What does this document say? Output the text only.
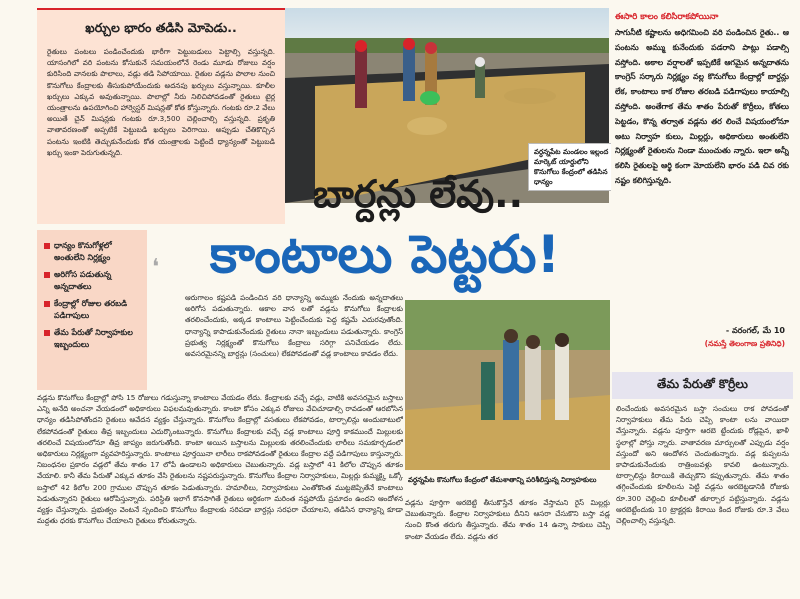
ఖర్చుల భారం తడిసి మోపెడు..
రైతులు పంటలు పండించేందుకు భారీగా పెట్టుబడులు పెట్టాల్సి వస్తున్నది. యాసంగిలో వరి పంటను కోసుకునే సమయంలోనే రెండు మూడు రోజులు వర్షం కురిసింది వానలకు పొలాలు, వడ్లు తడి సిపోయాయి. రైతుల వడ్లను పొలాల నుంచి కొనుగోలు కేంద్రాలకు తీసుకుపోయేందుకు అదనపు ఖర్చులు వస్తున్నాయి. కూలీల ఖర్చులు ఎక్కువ అవుతున్నాయి. పొలాల్లో నీరు నిలిచిపోవడంతో రైతులు టైర్ల యంత్రాలను ఉపయోగించి హార్వెస్టర్ మిషన్లతో కోత కోస్తున్నారు. గంటకు రూ.2 వేలు అయితే చైన్ మిషన్లకు గంటకు రూ.3,500 చెల్లించాల్సి వస్తున్నది. ప్రకృతి వాతావరణంతో అప్పటికే పెట్టుబడి ఖర్చులు పెరిగాయి. అప్పుడు చేతికొచ్చిన పంటను ఇంటికి తెచ్చుకునేందుకు కోత యంత్రాలకు పెట్టిందే ధ్యాన్యంతో పెట్టుబడి ఖర్చు ఇంకా పెరుగుతున్నది.	వర్ధన్నపేట మండలం ఇల్లంద మార్కెట్ యార్డులోని కొనుగోలు కేంద్రంలో తడిసిన ధాన్యం
ఈసారి కాలం కలిసిరాకపోయినా
సాగునీటి కష్టాలను అధిగమించి వరి పండించిన రైతు.. ఆ పంటను అమ్ము కునేందుకు పడరాని పాట్లు పడాల్సి వస్తోంది. అకాల వర్షాలతో ఇప్పటికే ఆగమైన అన్నదాతను కాంగ్రెస్ సర్కారు నిర్లక్ష్యం వల్ల కొనుగోలు కేంద్రాల్లో బార్దన్లు లేక, కాంటాలు కాక రోజుల తరబడి పడిగాపులు కాయాల్సి వస్తోంది. అంతేగాక తేమ శాతం పేరుతో కొర్రీలు, కోతలు పెట్టడం, కొన్న తర్వాత వడ్లను తర లించే విషయంలోనూ అటు నిర్వాహ కులు, మిల్లర్లు, అధికారులు అంతులేని నిర్లక్ష్యంతో రైతులను నిండా ముంచుతు న్నారు. ఇలా అన్నీ కలిసి రైతులపై ఆర్థి కంగా మోయలేని భారం పడి చివ రకు నష్టం కలిగిస్తున్నది.
- వరంగల్, మే 10
(నమస్తే తెలంగాణ ప్రతినిధి)
బార్దన్లు లేవు..
ధాన్యం కొనుగోళ్లలో అంతులేని నిర్లక్ష్యం
అరిగోస పడుతున్న అన్నదాతలు
కేంద్రాల్లో రోజుల తరబడి పడిగాపులు
తేమ పేరుతో నిర్వాహకుల ఇబ్బందులు
❛ కాంటాలు పెట్టరు!
ఆరుగాలం కష్టపడి పండించిన వరి ధాన్యాన్ని అమ్ముకు నేందుకు అన్నదాతలు అరిగోస పడుతున్నారు. ఆకాల వాన లతో వడ్లను కొనుగోలు కేంద్రాలకు తరలించేందుకు, అక్కడ కాంటాలు పెట్టించేందుకు పెద్ద కష్టమే ఎదురవుతోంది. ధాన్యాన్ని కాపాడుకునేందుకు రైతులు నానా ఇబ్బందులు పడుతున్నారు. కాంగ్రెస్ ప్రభుత్వ నిర్లక్ష్యంతో కొనుగోలు కేంద్రాలు సరిగ్గా పనిచేయడం లేదు. అవసరమైనన్ని బార్దన్లు (సంచులు) లేకపోవడంతో వడ్ల కాంటాలు కావడం లేదు.
వర్ధన్నపేట కొనుగోలు కేంద్రంలో తేమశాతాన్ని పరిశీలిస్తున్న నిర్వాహకులు
వడ్లను కొనుగోలు కేంద్రాల్లో పోసి 15 రోజులు గడుస్తున్నా కాంటాలు వేయడం లేదు. కేంద్రాలకు వచ్చే వడ్లు, వాటికి అవసరమైన బస్తాలు ఎన్ని అనేది అంచనా వేయడంలో అధికారులు విఫలమవుతున్నారు. కాంటా కోసం ఎక్కువ రోజులు వేచిచూడాల్సి రావడంతో ఆరబోసిన ధాన్యం తడిసిపోతోందని రైతులు ఆవేదన వ్యక్తం చేస్తున్నారు. కొనుగోలు కేంద్రాల్లో వసతులు లేకపోవడం, టార్పాలిన్లు అందుబాటులో లేకపోవడంతో రైతులు తీవ్ర ఇబ్బందులు ఎదుర్కొంటున్నారు. కొనుగోలు కేంద్రాలకు వచ్చే వడ్ల కాంటాలు పూర్తి కాకముందే మిల్లులకు తరలించే విషయంలోనూ తీవ్ర జాప్యం జరుగుతోంది. కాంటా అయిన బస్తాలను మిల్లులకు తరలించేందుకు లారీలు సమకూర్చడంలో అధికారులు నిర్లక్ష్యంగా వ్యవహరిస్తున్నారు. కాంటాలు పూర్తయినా లారీలు రాకపోవడంతో రైతులు కేంద్రాల వద్దే పడిగాపులు కాస్తున్నారు. నిబంధనల ప్రకారం వడ్లలో తేమ శాతం 17 లోపే ఉండాలని అధికారులు చెబుతున్నారు. వడ్ల బస్తాలో 41 కిలోల చొప్పున తూకం వేయాలి. కానీ తేమ పేరుతో ఎక్కువ తూకం వేసి రైతులను నష్టపరుస్తున్నారు. కొనుగోలు కేంద్రాల నిర్వాహకులు, మిల్లర్లు కుమ్మక్కై ఒక్కో బస్తాలో 42 కిలోల 200 గ్రాముల చొప్పున తూకం పెడుతున్నారు. హమాలీలు, నిర్వాహకులు ఎంతోకొంత ముట్టజెప్పితేనే కాంటాలు పెడుతున్నారని రైతులు ఆరోపిస్తున్నారు. పరిస్థితి ఇలాగే కొనసాగితే రైతులు ఆర్థికంగా మరింత నష్టపోయే ప్రమాదం ఉందని ఆందోళన వ్యక్తం చేస్తున్నారు. ప్రభుత్వం వెంటనే స్పందించి కొనుగోలు కేంద్రాలకు సరిపడా బార్దన్లు సరఫరా చేయాలని, తడిసిన ధాన్యాన్ని కూడా మద్దతు ధరకు కొనుగోలు చేయాలని రైతులు కోరుతున్నారు.
వడ్లను పూర్తిగా ఆరబెట్టి తీసుకొస్తేనే తూకం వేస్తామని రైస్ మిల్లర్లు చెబుతున్నారు. కేంద్రాల నిర్వాహకులు దీనిని ఆసరా చేసుకొని బస్తా వడ్ల నుంచి కొంత తరుగు తీస్తున్నారు. తేమ శాతం 14 ఉన్నా సాకులు చెప్పి కాంటా వేయడం లేదు. వడ్లను తర
తేమ పేరుతో కొర్రీలు
లించేందుకు అవసరమైన బస్తా సంచులు రాక పోవడంతో నిర్వాహకులు తేమ పేరు చెప్పి కాంటా లను వాయిదా వేస్తున్నారు. వడ్లను పూర్తిగా ఆరబె ట్టేందుకు రోడ్లపైన, ఖాళీ స్థలాల్లో పోస్తు న్నారు. వాతావరణ మార్పులతో ఎప్పుడు వర్షం వస్తుందో అని ఆందోళన చెందుతున్నారు. వడ్ల కుప్పలను కాపాడుకునేందుకు రాత్రింబవళ్లు కావలి ఉంటున్నారు. టార్పాలిన్లు కిరాయికి తెచ్చుకొని కప్పుతున్నారు. తేమ శాతం తగ్గించేందుకు కూలీలను పెట్టి వడ్లను ఆరబెట్టడానికి రోజుకు రూ.300 చెల్లించి కూలీలతో తూర్పార పట్టిస్తున్నారు. వడ్లను ఆరబెట్టేందుకు 10 ట్రాక్టర్లకు కిరాయి కింద రోజుకు రూ.3 వేలు చెల్లించాల్సి వస్తున్నది.
